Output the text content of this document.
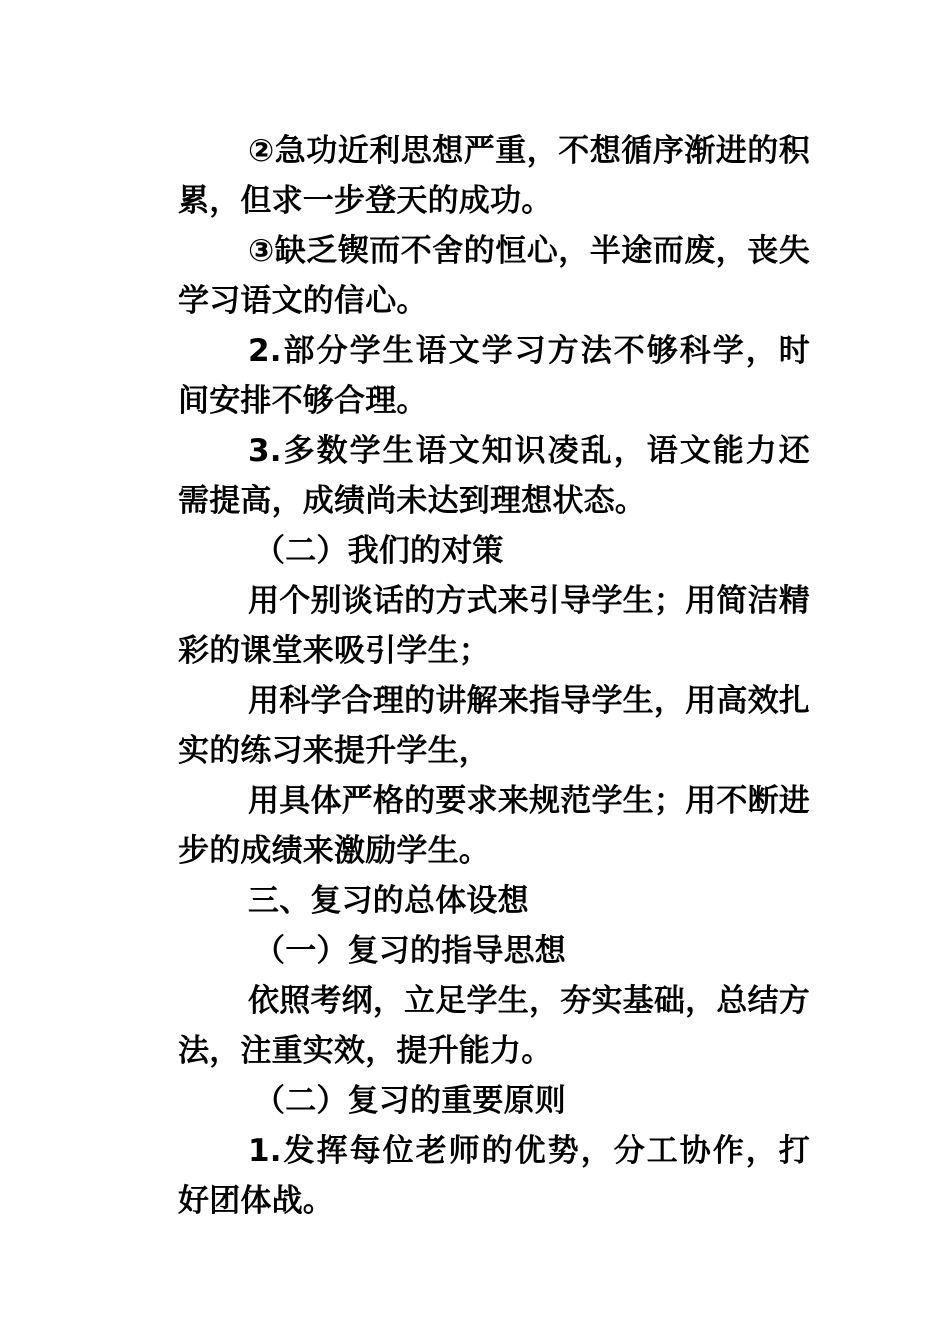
②急功近利思想严重，不想循序渐进的积累，但求一步登天的成功。

③缺乏锲而不舍的恒心，半途而废，丧失学习语文的信心。

2.部分学生语文学习方法不够科学，时间安排不够合理。

3.多数学生语文知识凌乱，语文能力还需提高，成绩尚未达到理想状态。

（二）我们的对策

用个别谈话的方式来引导学生；用简洁精彩的课堂来吸引学生；

用科学合理的讲解来指导学生，用高效扎实的练习来提升学生，

用具体严格的要求来规范学生；用不断进步的成绩来激励学生。

三、复习的总体设想

（一）复习的指导思想

依照考纲，立足学生，夯实基础，总结方法，注重实效，提升能力。

（二）复习的重要原则

1.发挥每位老师的优势，分工协作，打好团体战。
